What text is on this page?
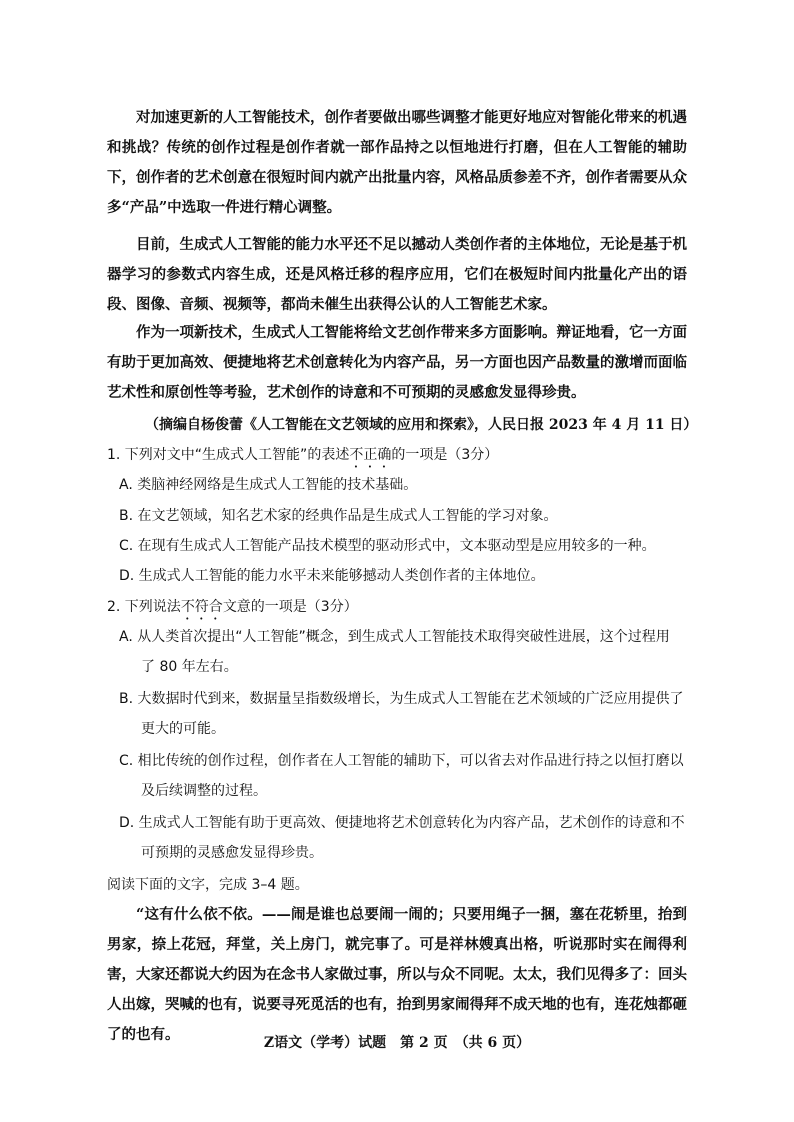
对加速更新的人工智能技术，创作者要做出哪些调整才能更好地应对智能化带来的机遇和挑战？传统的创作过程是创作者就一部作品持之以恒地进行打磨，但在人工智能的辅助下，创作者的艺术创意在很短时间内就产出批量内容，风格品质参差不齐，创作者需要从众多“产品”中选取一件进行精心调整。

目前，生成式人工智能的能力水平还不足以撼动人类创作者的主体地位，无论是基于机器学习的参数式内容生成，还是风格迁移的程序应用，它们在极短时间内批量化产出的语段、图像、音频、视频等，都尚未催生出获得公认的人工智能艺术家。

作为一项新技术，生成式人工智能将给文艺创作带来多方面影响。辩证地看，它一方面有助于更加高效、便捷地将艺术创意转化为内容产品，另一方面也因产品数量的激增而面临艺术性和原创性等考验，艺术创作的诗意和不可预期的灵感愈发显得珍贵。

（摘编自杨俊蕾《人工智能在文艺领域的应用和探索》，人民日报 2023 年 4 月 11 日）

1. 下列对文中“生成式人工智能”的表述不正确的一项是（3分）

A. 类脑神经网络是生成式人工智能的技术基础。

B. 在文艺领域，知名艺术家的经典作品是生成式人工智能的学习对象。

C. 在现有生成式人工智能产品技术模型的驱动形式中，文本驱动型是应用较多的一种。

D. 生成式人工智能的能力水平未来能够撼动人类创作者的主体地位。

2. 下列说法不符合文意的一项是（3分）

A. 从人类首次提出“人工智能”概念，到生成式人工智能技术取得突破性进展，这个过程用
了 80 年左右。

B. 大数据时代到来，数据量呈指数级增长，为生成式人工智能在艺术领域的广泛应用提供了
更大的可能。

C. 相比传统的创作过程，创作者在人工智能的辅助下，可以省去对作品进行持之以恒打磨以
及后续调整的过程。

D. 生成式人工智能有助于更高效、便捷地将艺术创意转化为内容产品，艺术创作的诗意和不
可预期的灵感愈发显得珍贵。

阅读下面的文字，完成 3–4 题。

“这有什么依不依。——闹是谁也总要闹一闹的；只要用绳子一捆，塞在花轿里，抬到男家，捺上花冠，拜堂，关上房门，就完事了。可是祥林嫂真出格，听说那时实在闹得利害，大家还都说大约因为在念书人家做过事，所以与众不同呢。太太，我们见得多了：回头人出嫁，哭喊的也有，说要寻死觅活的也有，抬到男家闹得拜不成天地的也有，连花烛都砸了的也有。	Z语文（学考）试题　第 2 页　（共 6 页）
